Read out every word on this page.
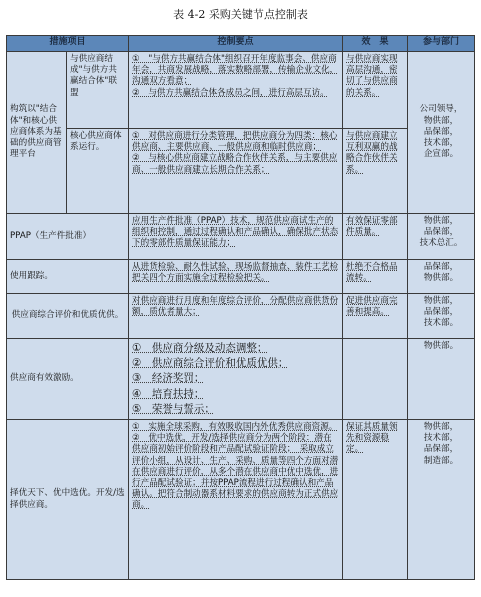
表 4-2 采购关键节点控制表
措施项目		控制要点	效　果	参与部门
构筑以"结合体"和核心供应商体系为基础的供应商管理平台	与供应商结成"与供方共赢结合体"联盟	①　"与供方共赢结合体"组织召开年度监事会、供应商年会，共商发展战略，落实数略部署，传输企业文化，沟通双方看意；
②　与供方共赢结合体各成员之间，进行高层互访。	与供应商实现高层沟通，密切了与供应商的关系。	公司领导，
物供部，
品保部，
技术部，
企宣部。

	核心供应商体系运行。	①　对供应商进行分类管理，把供应商分为四类：核心供应商、主要供应商、一般供应商和临时供应商；
②　与核心供应商建立战略合作伙伴关系，与主要供应商、一般供应商建立长期合作关系；	与供应商建立互利双赢的战略合作伙伴关系。	
PPAP（生产件批准）		应用生产件批准（PPAP）技术，规范供应商试生产的组织和控制，通过过程确认和产品确认，确保批产状态下的零部件质量保证能力；	有效保证零部件质量。	物供部，
品保部，
技术总汇。

使用跟踪。		从进货检验、耐久性试验、现场监督抽查、装件工艺检把关四个方面实施全过程检验把关。	杜绝不合格品流转。	品保部，
物供部。

供应商综合评价和优质优供。		对供应商进行月度和年度综合评价，分配供应商供货份额，质优者量大；	促进供应商完善和提高。	物供部，
品保部，
技术部。

供应商有效激励。		①　供应商分级及动态调整；
②　供应商综合评价和优质优供；
③　经济奖罚；
④　培育扶持；
⑤　荣誉与誓示；		物供部。

择优天下、优中选优。开发/选择供应商。		①　实施全球采购，有效吸收国内外优秀供应商资源。
②　优中选优，开发/选择供应商分为两个阶段：潜在供应商初始评价阶段和产品配试验证阶段；　采取成立评价小组，从设计、生产、采购、质量等四个方面对潜在供应商进行评价，从多个潜在供应商中优中选优，进行产品配试验证；并按PPAP流程进行过程确认和产品确认。把符合制动器系材料要求的供应商转为正式供应商。	保证其质量领先和资源稳定。	物供部，
技术部，
品保部，
制造部。
